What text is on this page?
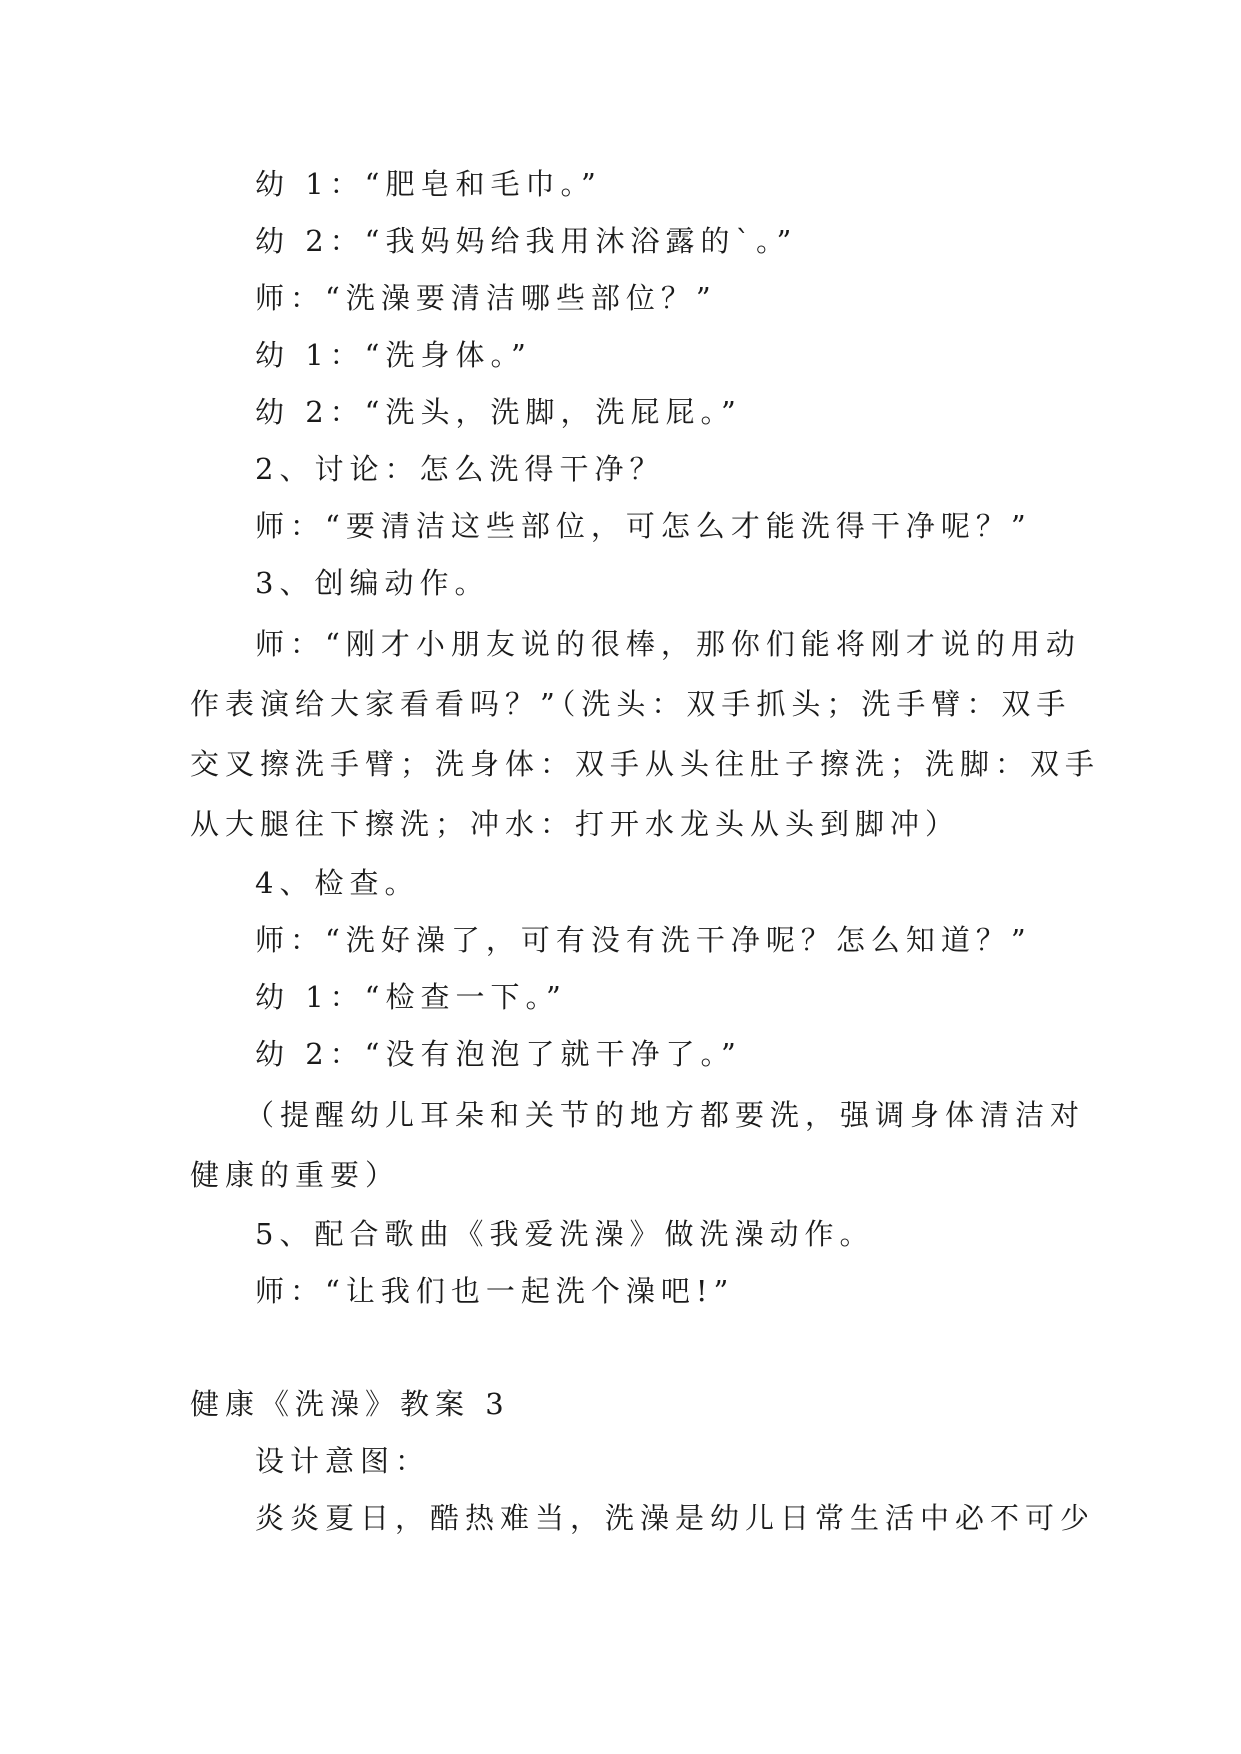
幼 1：“肥皂和毛巾。”
幼 2：“我妈妈给我用沐浴露的`。”
师：“洗澡要清洁哪些部位？”
幼 1：“洗身体。”
幼 2：“洗头，洗脚，洗屁屁。”
2、讨论：怎么洗得干净？
师：“要清洁这些部位，可怎么才能洗得干净呢？”
3、创编动作。
师：“刚才小朋友说的很棒，那你们能将刚才说的用动
作表演给大家看看吗？”（洗头：双手抓头；洗手臂：双手
交叉擦洗手臂；洗身体：双手从头往肚子擦洗；洗脚：双手
从大腿往下擦洗；冲水：打开水龙头从头到脚冲）
4、检查。
师：“洗好澡了，可有没有洗干净呢？怎么知道？”
幼 1：“检查一下。”
幼 2：“没有泡泡了就干净了。”
（提醒幼儿耳朵和关节的地方都要洗，强调身体清洁对
健康的重要）
5、配合歌曲《我爱洗澡》做洗澡动作。
师：“让我们也一起洗个澡吧!”
健康《洗澡》教案 3
设计意图：
炎炎夏日，酷热难当，洗澡是幼儿日常生活中必不可少
